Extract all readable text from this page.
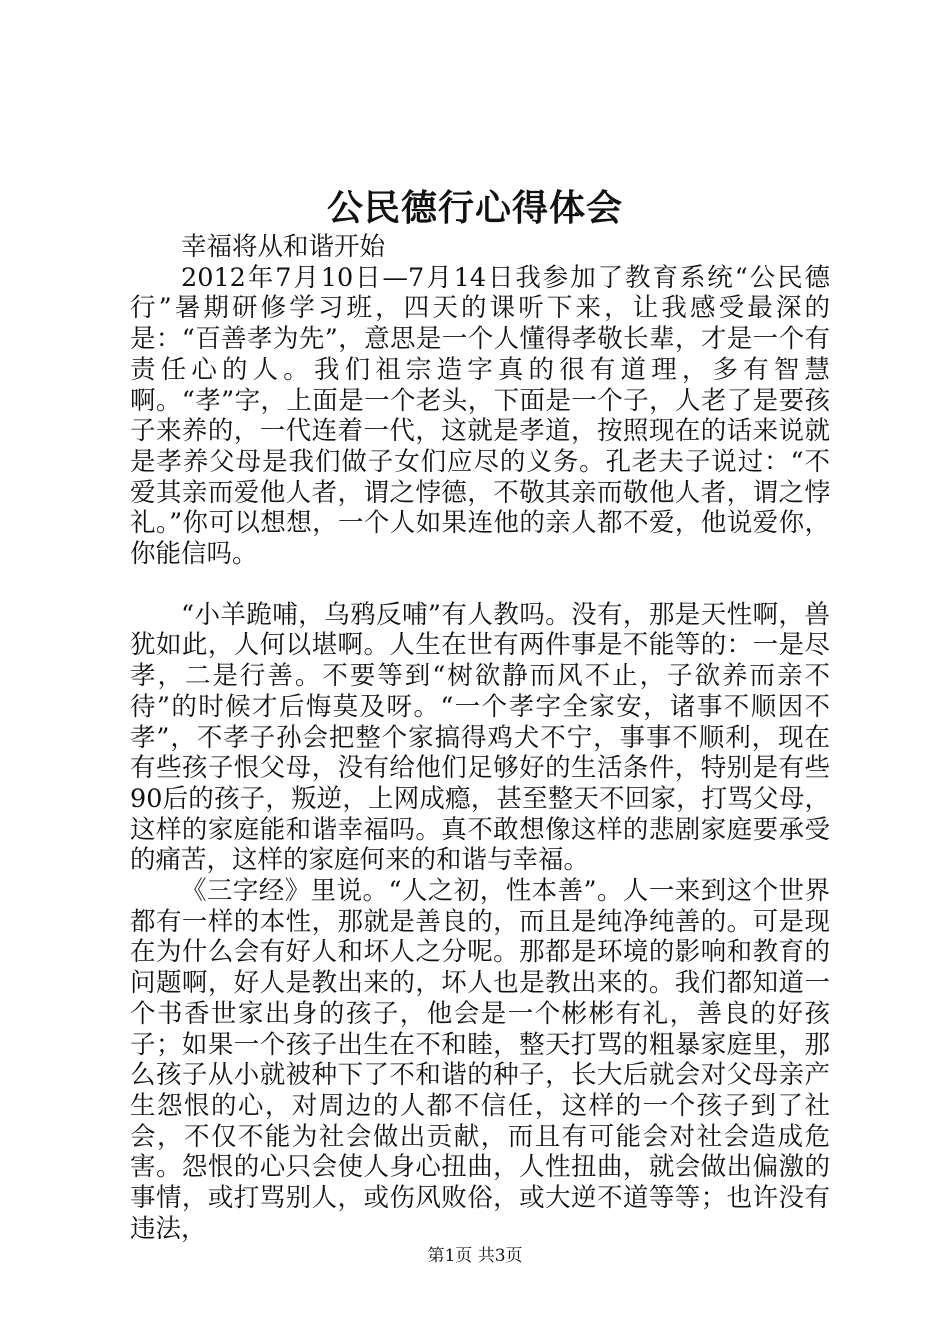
公民德行心得体会

幸福将从和谐开始

2012年7月10日—7月14日我参加了教育系统“公民德行”暑期研修学习班，四天的课听下来，让我感受最深的是：“百善孝为先”，意思是一个人懂得孝敬长辈，才是一个有责任心的人。我们祖宗造字真的很有道理，多有智慧啊。“孝”字，上面是一个老头，下面是一个子，人老了是要孩子来养的，一代连着一代，这就是孝道，按照现在的话来说就是孝养父母是我们做子女们应尽的义务。孔老夫子说过：“不爱其亲而爱他人者，谓之悖德，不敬其亲而敬他人者，谓之悖礼。”你可以想想，一个人如果连他的亲人都不爱，他说爱你，你能信吗。

“小羊跪哺，乌鸦反哺”有人教吗。没有，那是天性啊，兽犹如此，人何以堪啊。人生在世有两件事是不能等的：一是尽孝，二是行善。不要等到“树欲静而风不止，子欲养而亲不待”的时候才后悔莫及呀。“一个孝字全家安，诸事不顺因不孝”，不孝子孙会把整个家搞得鸡犬不宁，事事不顺利，现在有些孩子恨父母，没有给他们足够好的生活条件，特别是有些90后的孩子，叛逆，上网成瘾，甚至整天不回家，打骂父母，这样的家庭能和谐幸福吗。真不敢想像这样的悲剧家庭要承受的痛苦，这样的家庭何来的和谐与幸福。

《三字经》里说。“人之初，性本善”。人一来到这个世界都有一样的本性，那就是善良的，而且是纯净纯善的。可是现在为什么会有好人和坏人之分呢。那都是环境的影响和教育的问题啊，好人是教出来的，坏人也是教出来的。我们都知道一个书香世家出身的孩子，他会是一个彬彬有礼，善良的好孩子；如果一个孩子出生在不和睦，整天打骂的粗暴家庭里，那么孩子从小就被种下了不和谐的种子，长大后就会对父母亲产生怨恨的心，对周边的人都不信任，这样的一个孩子到了社会，不仅不能为社会做出贡献，而且有可能会对社会造成危害。怨恨的心只会使人身心扭曲，人性扭曲，就会做出偏激的事情，或打骂别人，或伤风败俗，或大逆不道等等；也许没有违法，

第1页 共3页
